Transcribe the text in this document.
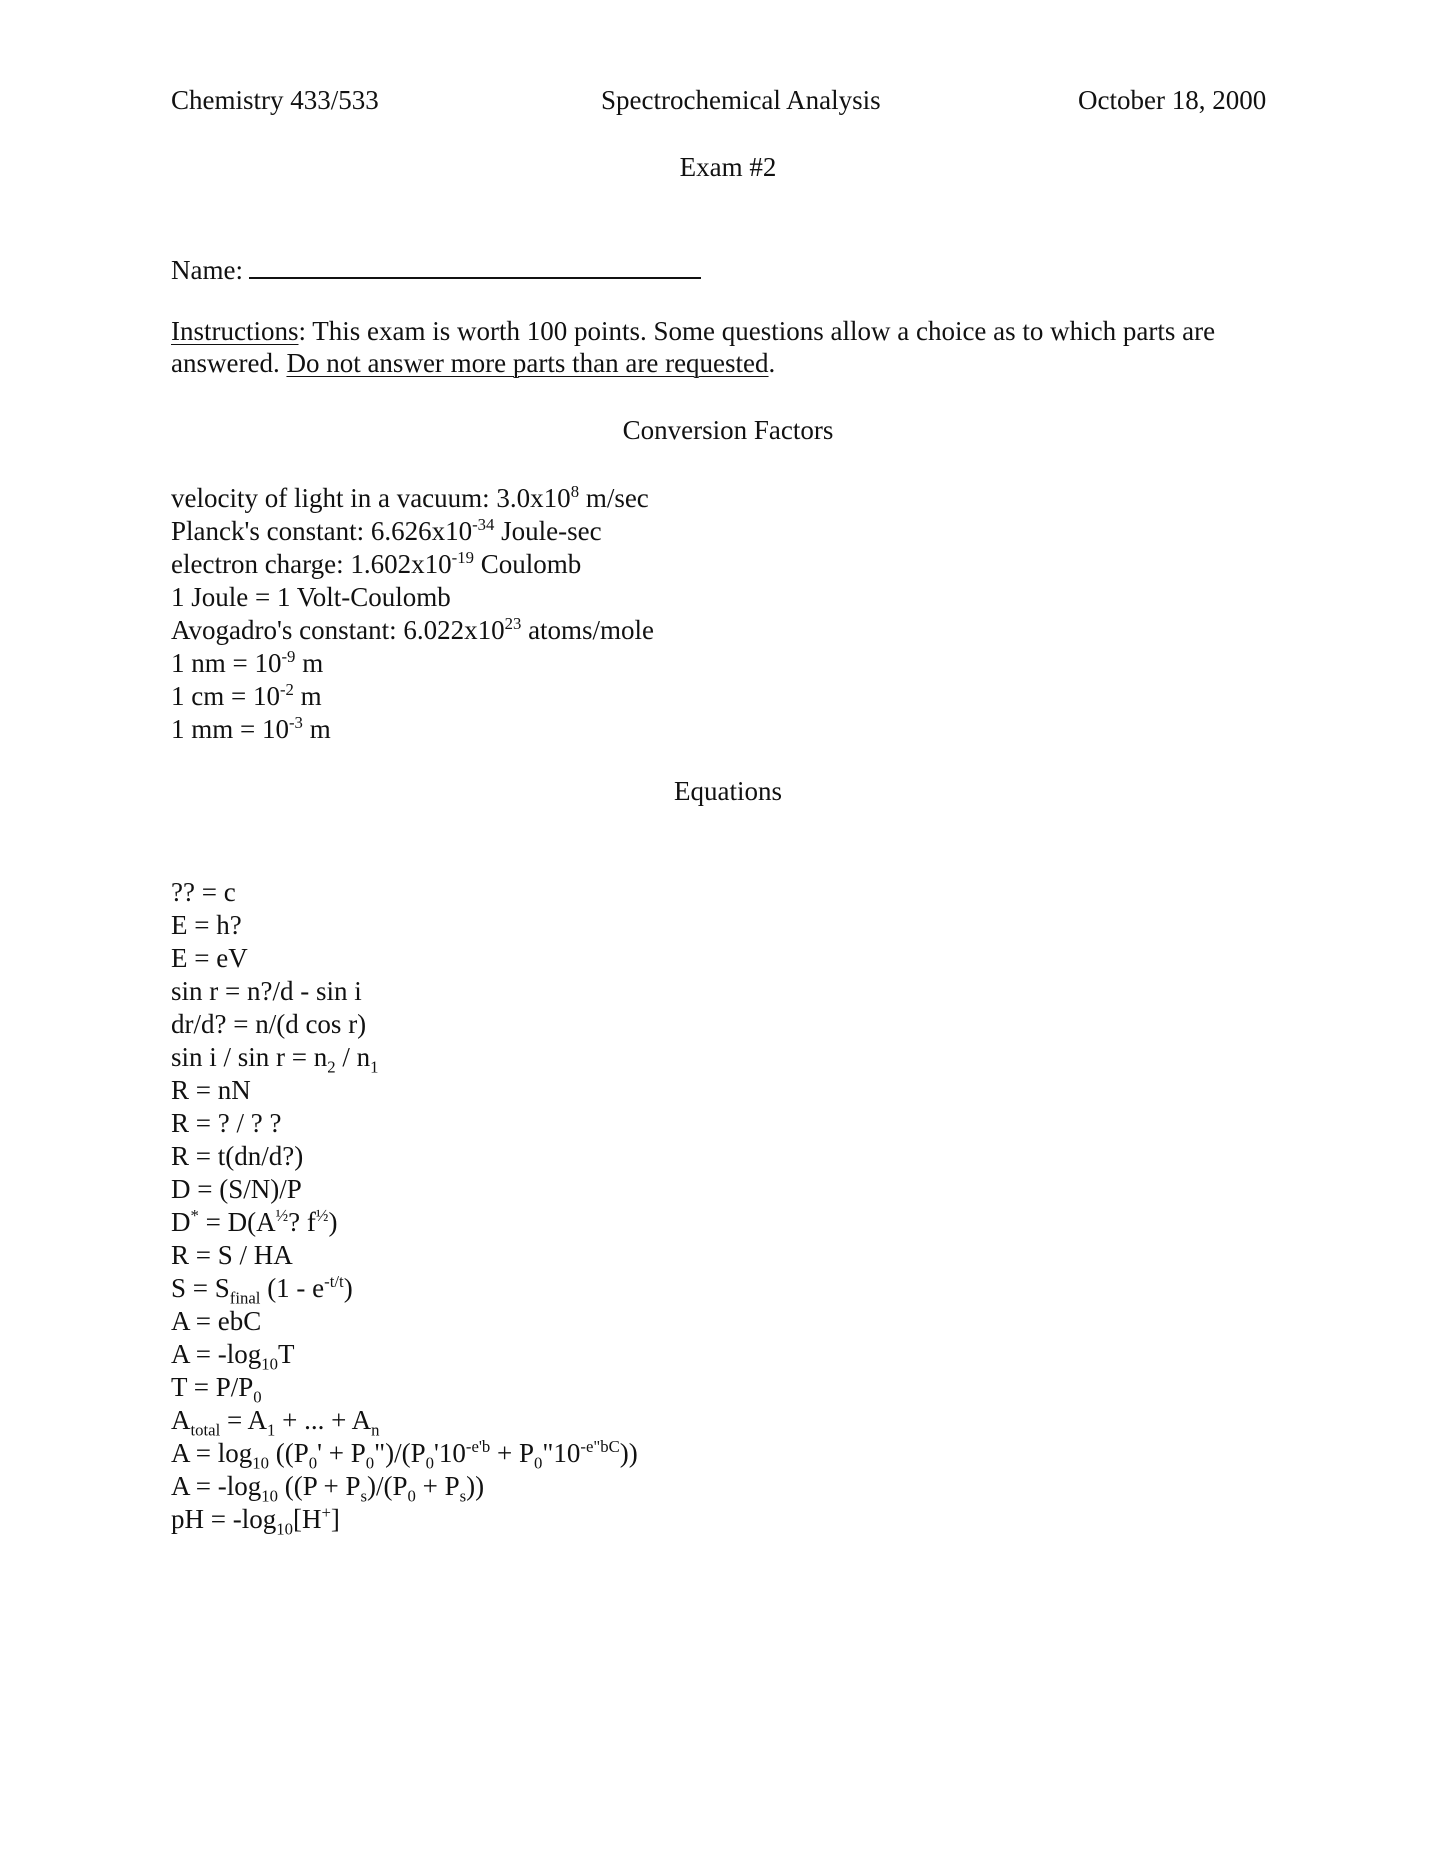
Chemistry 433/533	Spectrochemical Analysis	October 18, 2000
Exam #2
Name:
Instructions: This exam is worth 100 points. Some questions allow a choice as to which parts are
answered. Do not answer more parts than are requested.
Conversion Factors
velocity of light in a vacuum: $3.0x10^8$ m/sec
Planck's constant: $6.626x10^{-34}$ Joule-sec
electron charge: $1.602x10^{-19}$ Coulomb
1 Joule = 1 Volt-Coulomb
Avogadro's constant: $6.022x10^{23}$ atoms/mole
1 nm = $10^{-9}$ m
1 cm = $10^{-2}$ m
1 mm = $10^{-3}$ m
Equations
?? = c
E = h?
E = eV
sin r = n?/d - sin i
dr/d? = n/(d cos r)
$\sin i / \sin r = n_2 / n_1$
R = nN
R = ? / ? ?
R = t(dn/d?)
D = (S/N)/P
$D^* = D(A^{\frac{1}{2}}$? $f^{\frac{1}{2}}$)
R = S / HA
$S = S_{final}$ $(1 - e^{-t/t})$
A = ebC
$A = -\log_{10}T$
$T = P/P_0$
$A_{total} = A_1$ + ... + $A_n$
$A = \log_{10} ((P_0'$ + $P_0")/(P_0'10^{-e'b}$ + $P_0"10^{-e"bC}$))
$A = -\log_{10}$ $((P + P_s)/(P_0 + P_s))$
pH = $-\log_{10}[H^+]$
